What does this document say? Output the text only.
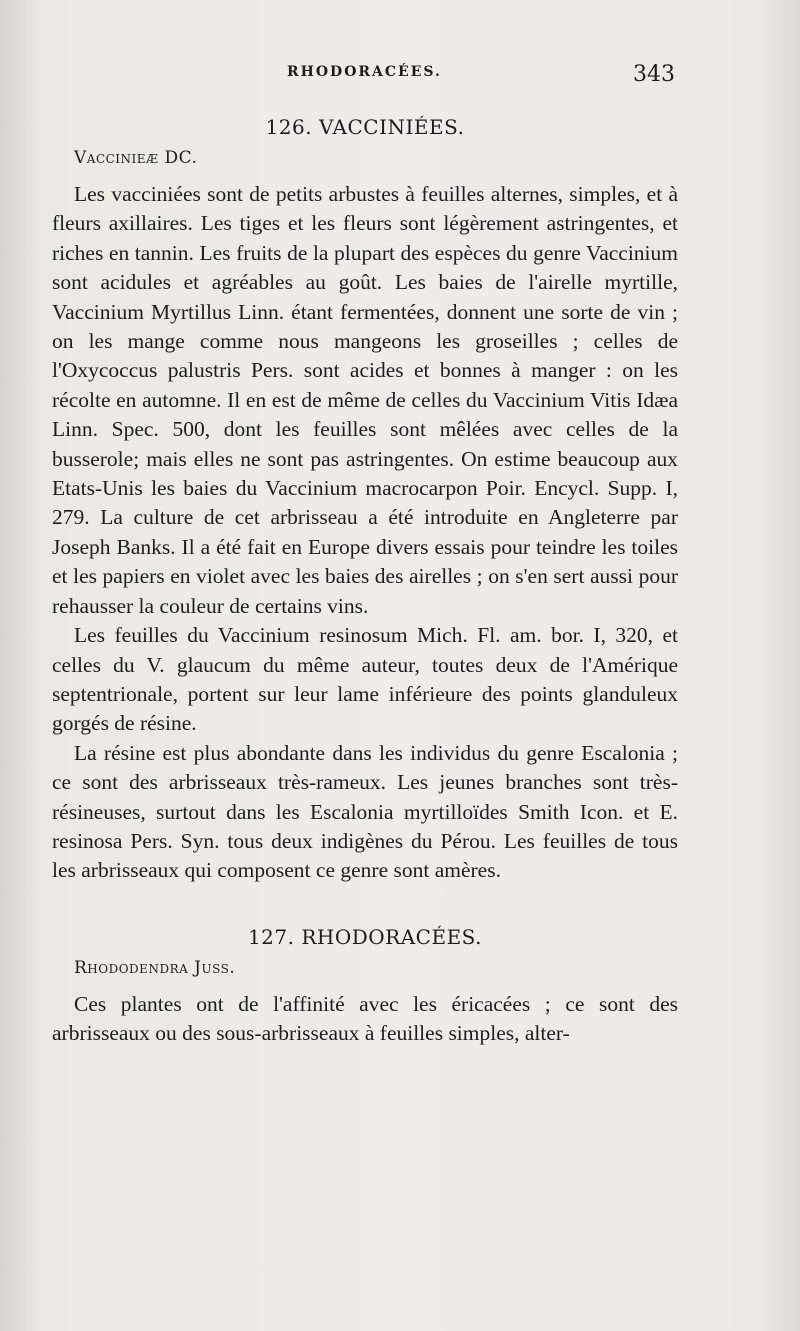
RHODORACÉES.	343
126. VACCINIÉES.
Vaccinieæ DC.

Les vacciniées sont de petits arbustes à feuilles alternes, simples, et à fleurs axillaires. Les tiges et les fleurs sont légèrement astringentes, et riches en tannin. Les fruits de la plupart des espèces du genre Vaccinium sont acidules et agréables au goût. Les baies de l'airelle myrtille, Vaccinium Myrtillus Linn. étant fermentées, donnent une sorte de vin ; on les mange comme nous mangeons les groseilles ; celles de l'Oxycoccus palustris Pers. sont acides et bonnes à manger : on les récolte en automne. Il en est de même de celles du Vaccinium Vitis Idæa Linn. Spec. 500, dont les feuilles sont mêlées avec celles de la busserole; mais elles ne sont pas astringentes. On estime beaucoup aux Etats-Unis les baies du Vaccinium macrocarpon Poir. Encycl. Supp. I, 279. La culture de cet arbrisseau a été introduite en Angleterre par Joseph Banks. Il a été fait en Europe divers essais pour teindre les toiles et les papiers en violet avec les baies des airelles ; on s'en sert aussi pour rehausser la couleur de certains vins.

Les feuilles du Vaccinium resinosum Mich. Fl. am. bor. I, 320, et celles du V. glaucum du même auteur, toutes deux de l'Amérique septentrionale, portent sur leur lame inférieure des points glanduleux gorgés de résine.

La résine est plus abondante dans les individus du genre Escalonia ; ce sont des arbrisseaux très-rameux. Les jeunes branches sont très-résineuses, surtout dans les Escalonia myrtilloïdes Smith Icon. et E. resinosa Pers. Syn. tous deux indigènes du Pérou. Les feuilles de tous les arbrisseaux qui composent ce genre sont amères.

127. RHODORACÉES.
Rhododendra Juss.

Ces plantes ont de l'affinité avec les éricacées ; ce sont des arbrisseaux ou des sous-arbrisseaux à feuilles simples, alter-
